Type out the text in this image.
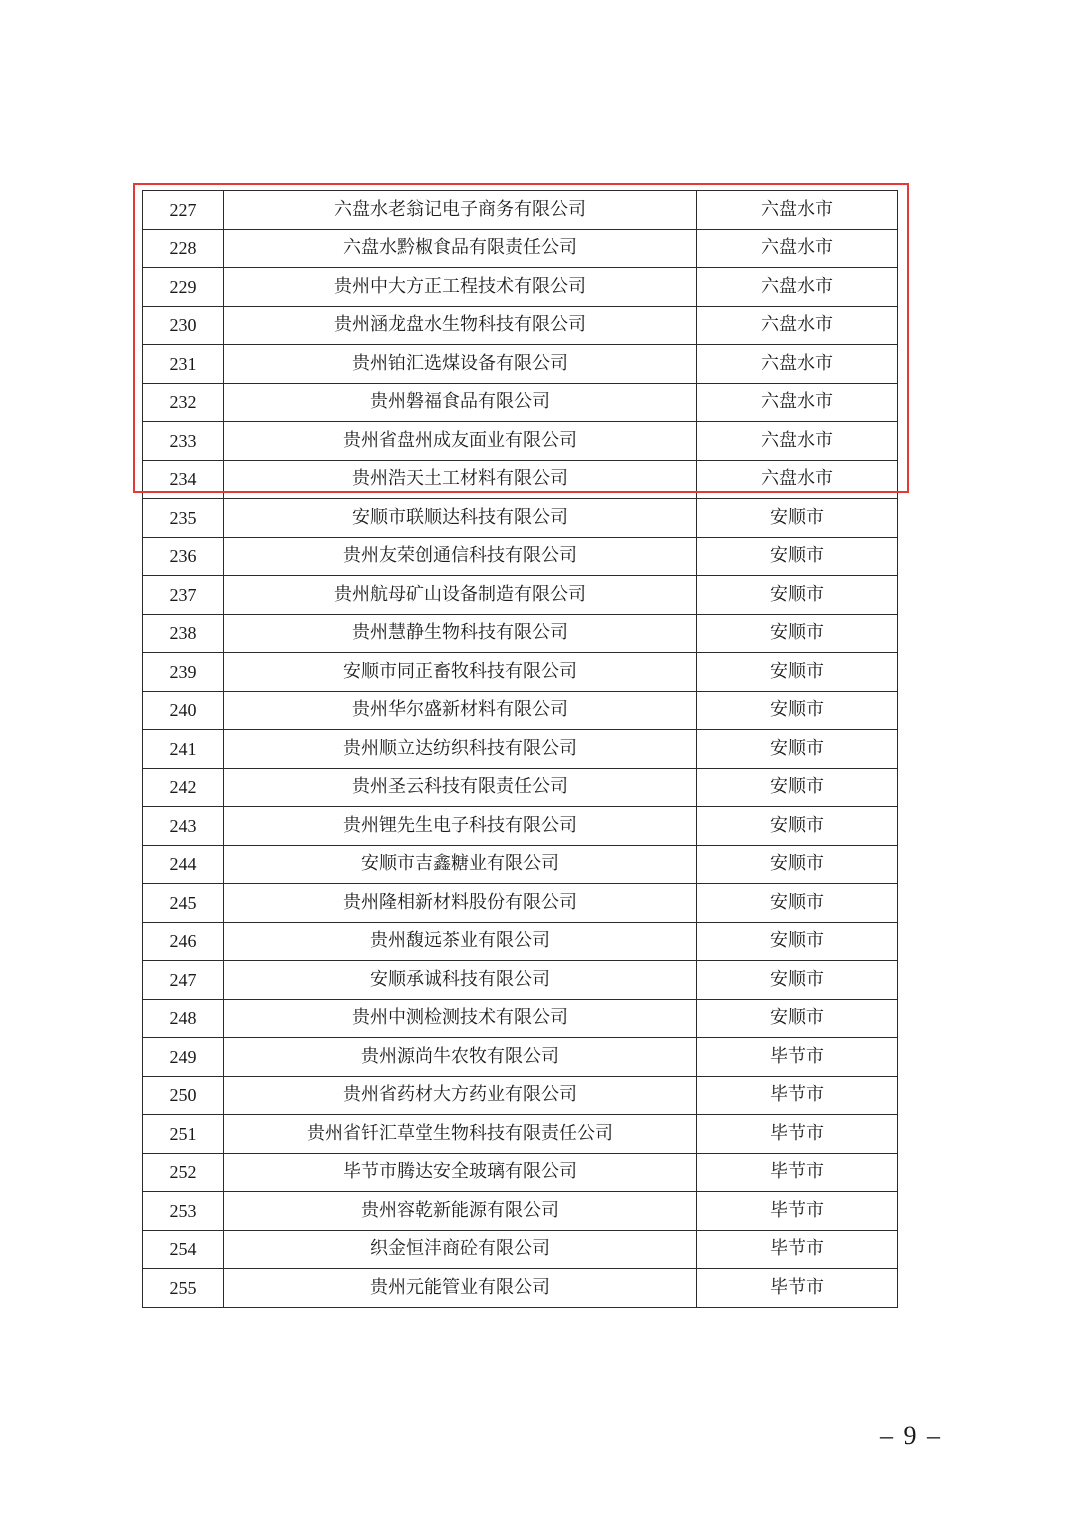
227	六盘水老翁记电子商务有限公司	六盘水市
228	六盘水黔椒食品有限责任公司	六盘水市
229	贵州中大方正工程技术有限公司	六盘水市
230	贵州涵龙盘水生物科技有限公司	六盘水市
231	贵州铂汇选煤设备有限公司	六盘水市
232	贵州磐福食品有限公司	六盘水市
233	贵州省盘州成友面业有限公司	六盘水市
234	贵州浩天土工材料有限公司	六盘水市
235	安顺市联顺达科技有限公司	安顺市
236	贵州友荣创通信科技有限公司	安顺市
237	贵州航母矿山设备制造有限公司	安顺市
238	贵州慧静生物科技有限公司	安顺市
239	安顺市同正畜牧科技有限公司	安顺市
240	贵州华尔盛新材料有限公司	安顺市
241	贵州顺立达纺织科技有限公司	安顺市
242	贵州圣云科技有限责任公司	安顺市
243	贵州锂先生电子科技有限公司	安顺市
244	安顺市吉鑫糖业有限公司	安顺市
245	贵州隆相新材料股份有限公司	安顺市
246	贵州馥远茶业有限公司	安顺市
247	安顺承诚科技有限公司	安顺市
248	贵州中测检测技术有限公司	安顺市
249	贵州源尚牛农牧有限公司	毕节市
250	贵州省药材大方药业有限公司	毕节市
251	贵州省钎汇草堂生物科技有限责任公司	毕节市
252	毕节市腾达安全玻璃有限公司	毕节市
253	贵州容乾新能源有限公司	毕节市
254	织金恒沣商砼有限公司	毕节市
255	贵州元能管业有限公司	毕节市
– 9 –
